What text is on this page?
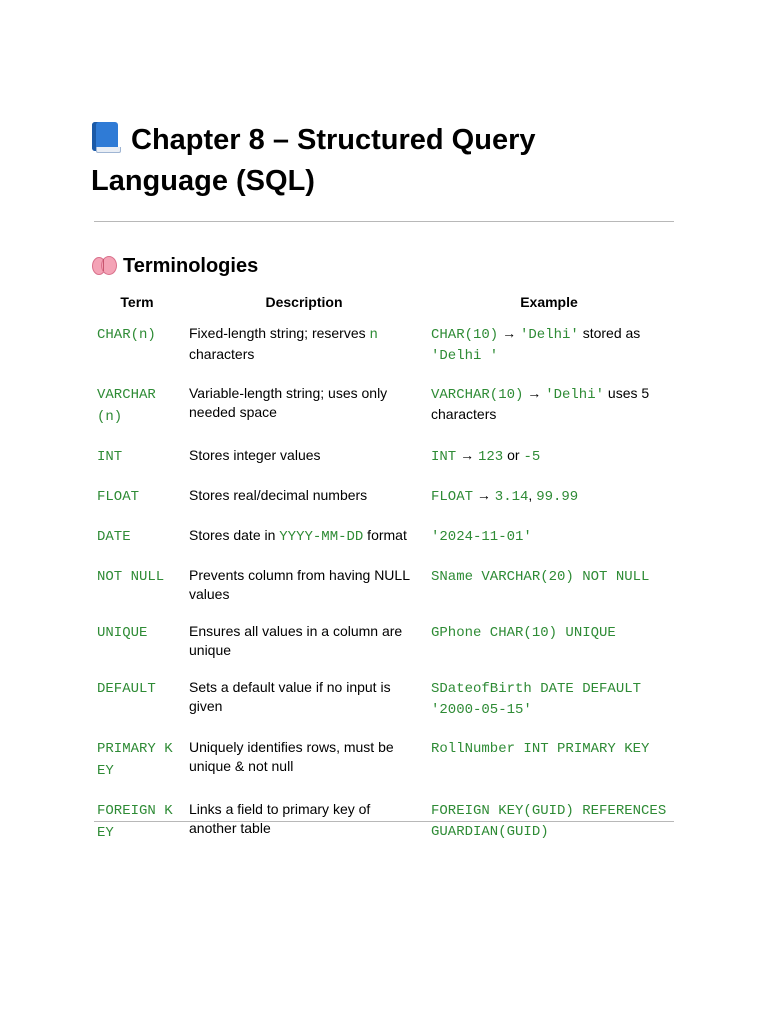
Chapter 8 – Structured Query Language (SQL)
Terminologies
Term	Description	Example
CHAR(n)	Fixed-length string; reserves n characters	CHAR(10) → 'Delhi' stored as 'Delhi '
VARCHAR(n)	Variable-length string; uses only needed space	VARCHAR(10) → 'Delhi' uses 5 characters
INT	Stores integer values	INT → 123 or -5
FLOAT	Stores real/decimal numbers	FLOAT → 3.14, 99.99
DATE	Stores date in YYYY-MM-DD format	'2024-11-01'
NOT NULL	Prevents column from having NULL values	SName VARCHAR(20) NOT NULL
UNIQUE	Ensures all values in a column are unique	GPhone CHAR(10) UNIQUE
DEFAULT	Sets a default value if no input is given	SDateofBirth DATE DEFAULT '2000-05-15'
PRIMARY KEY	Uniquely identifies rows, must be unique & not null	RollNumber INT PRIMARY KEY
FOREIGN KEY	Links a field to primary key of another table	FOREIGN KEY(GUID) REFERENCES GUARDIAN(GUID)
